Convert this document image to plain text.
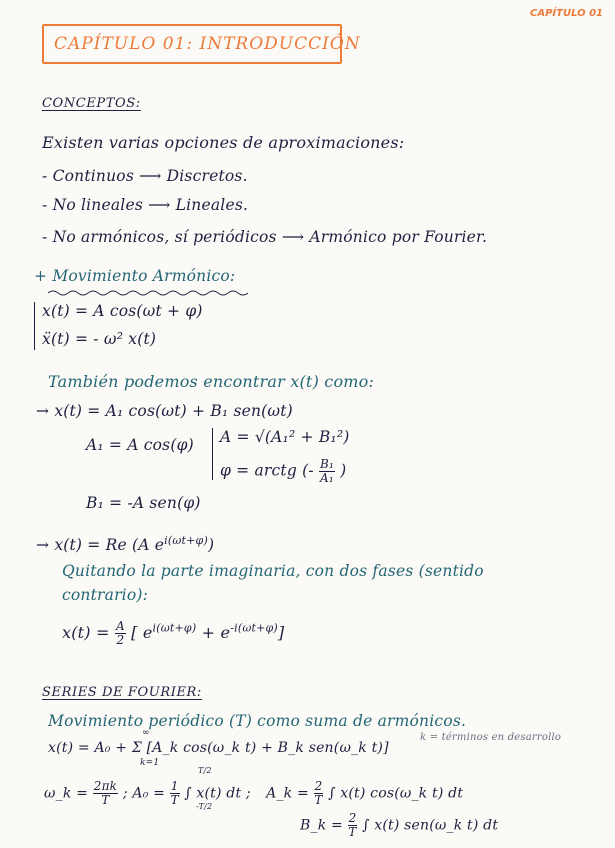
CAPÍTULO 01
CAPÍTULO 01: INTRODUCCIÓN
CONCEPTOS:
Existen varias opciones de aproximaciones:
- Continuos ⟶ Discretos.
- No lineales ⟶ Lineales.
- No armónicos, sí periódicos ⟶ Armónico por Fourier.
+ Movimiento Armónico:
x(t) = A cos(ωt + φ)
ẍ(t) = - ω² x(t)
También podemos encontrar x(t) como:
→ x(t) = A₁ cos(ωt) + B₁ sen(ωt)
A₁ = A cos(φ) A = √(A₁² + B₁²)
φ = arctg (- $\frac{\text{B₁}}{\text{A₁}}$ )
B₁ = -A sen(φ)
→ x(t) = Re (A $e^{i(\omega t+\varphi)}$)
Quitando la parte imaginaria, con dos fases (sentido
contrario):
$x(t) = \frac{A}{2}$ [ $e^{i(\omega t+\varphi)} + e^{-i(\omega t+\varphi)}$]
SERIES DE FOURIER:
Movimiento periódico (T) como suma de armónicos.
x(t) = A₀ + Σ [A_k cos(ω_k t) + B_k sen(ω_k t)]
∞
k=1
k = términos en desarrollo
ω_k = $\frac{2\pi k}{T}$ ; $A_0 = \frac{1}{T}$ ∫ x(t) dt ; A_k = $\frac{2}{T}$ ∫ x(t) cos(ω_k t) dt
T/2
-T/2
B_k = $\frac{2}{T}$ ∫ x(t) sen(ω_k t) dt
